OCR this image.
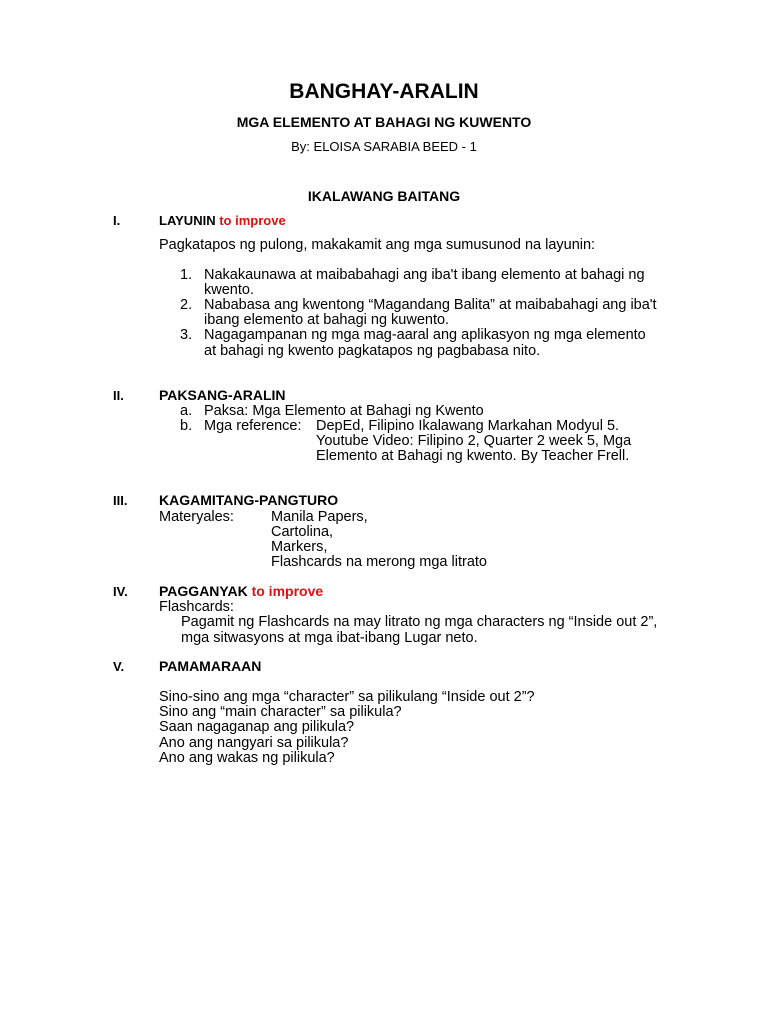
BANGHAY-ARALIN
MGA ELEMENTO AT BAHAGI NG KUWENTO
By: ELOISA SARABIA BEED - 1
IKALAWANG BAITANG
I.	LAYUNIN to improve
Pagkatapos ng pulong, makakamit ang mga sumusunod na layunin:
1. Nakakaunawa at maibabahagi ang iba't ibang elemento at bahagi ng
kwento.
2. Nababasa ang kwentong “Magandang Balita” at maibabahagi ang iba't
ibang elemento at bahagi ng kuwento.
3. Nagagampanan ng mga mag-aaral ang aplikasyon ng mga elemento
at bahagi ng kwento pagkatapos ng pagbabasa nito.
II.	PAKSANG-ARALIN
a. Paksa: Mga Elemento at Bahagi ng Kwento
b. Mga reference: DepEd, Filipino Ikalawang Markahan Modyul 5.
Youtube Video: Filipino 2, Quarter 2 week 5, Mga
Elemento at Bahagi ng kwento. By Teacher Frell.
III. KAGAMITANG-PANGTURO
Materyales:	Manila Papers,
Cartolina,
Markers,
Flashcards na merong mga litrato
IV. PAGGANYAK to improve
Flashcards:
Pagamit ng Flashcards na may litrato ng mga characters ng “Inside out 2”,
mga sitwasyons at mga ibat-ibang Lugar neto.
V. PAMAMARAAN
Sino-sino ang mga “character” sa pilikulang “Inside out 2”?
Sino ang “main character” sa pilikula?
Saan nagaganap ang pilikula?
Ano ang nangyari sa pilikula?
Ano ang wakas ng pilikula?
